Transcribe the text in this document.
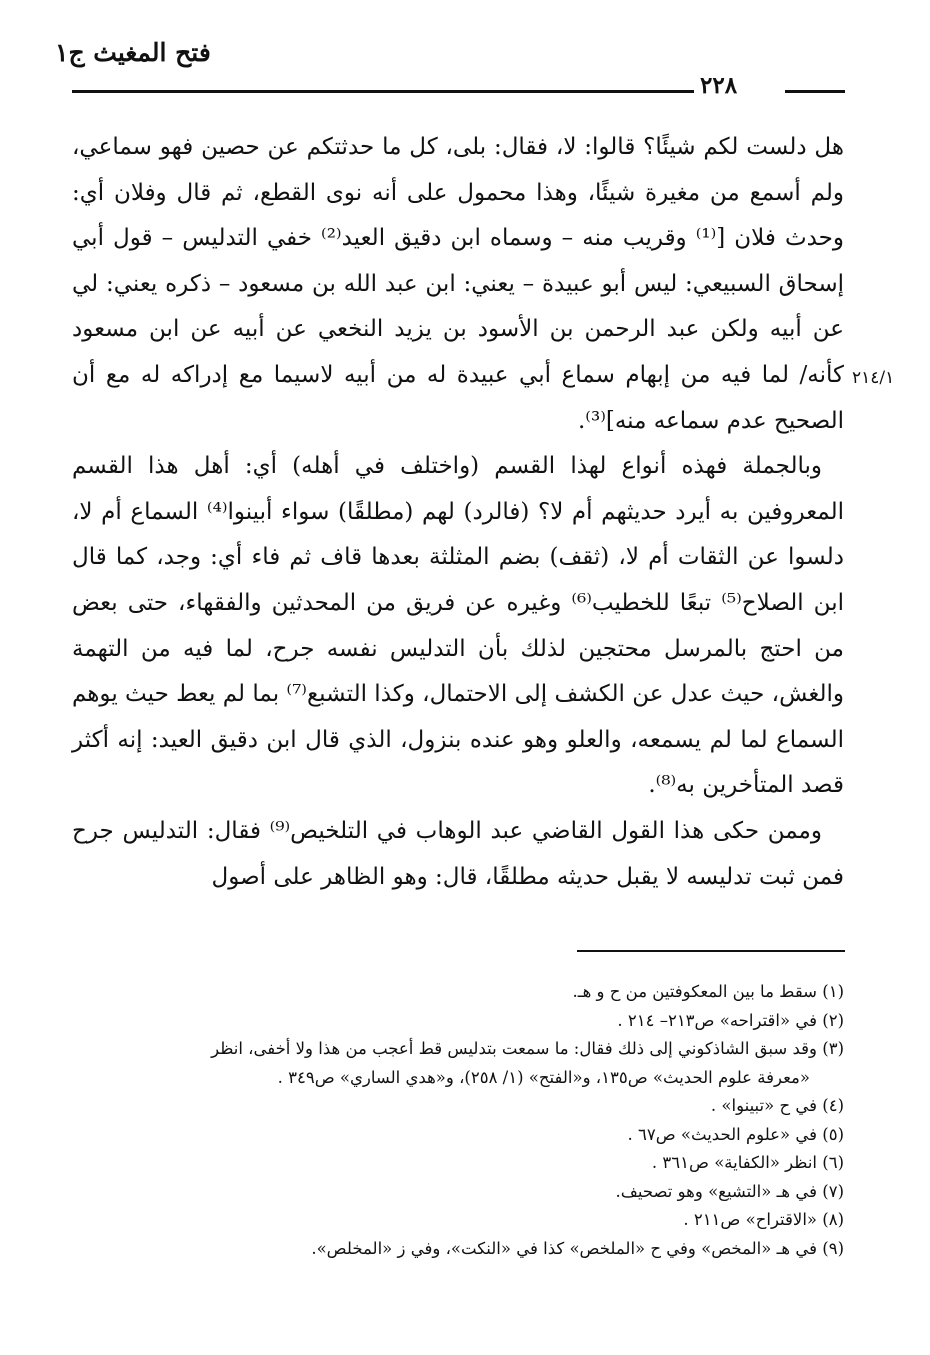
فتح المغيث ج١
٢٢٨
٢١٤/١

هل دلست لكم شيئًا؟ قالوا: لا، فقال: بلى، كل ما حدثتكم عن حصين فهو سماعي، ولم أسمع من مغيرة شيئًا، وهذا محمول على أنه نوى القطع، ثم قال وفلان أي: وحدث فلان [⁽¹⁾ وقريب منه – وسماه ابن دقيق العيد⁽²⁾ خفي التدليس – قول أبي إسحاق السبيعي: ليس أبو عبيدة – يعني: ابن عبد الله بن مسعود – ذكره يعني: لي عن أبيه ولكن عبد الرحمن بن الأسود بن يزيد النخعي عن أبيه عن ابن مسعود كأنه/ لما فيه من إبهام سماع أبي عبيدة له من أبيه لاسيما مع إدراكه له مع أن الصحيح عدم سماعه منه]⁽³⁾.

وبالجملة فهذه أنواع لهذا القسم (واختلف في أهله) أي: أهل هذا القسم المعروفين به أيرد حديثهم أم لا؟ (فالرد) لهم (مطلقًا) سواء أبينوا⁽⁴⁾ السماع أم لا، دلسوا عن الثقات أم لا، (ثقف) بضم المثلثة بعدها قاف ثم فاء أي: وجد، كما قال ابن الصلاح⁽⁵⁾ تبعًا للخطيب⁽⁶⁾ وغيره عن فريق من المحدثين والفقهاء، حتى بعض من احتج بالمرسل محتجين لذلك بأن التدليس نفسه جرح، لما فيه من التهمة والغش، حيث عدل عن الكشف إلى الاحتمال، وكذا التشبع⁽⁷⁾ بما لم يعط حيث يوهم السماع لما لم يسمعه، والعلو وهو عنده بنزول، الذي قال ابن دقيق العيد: إنه أكثر قصد المتأخرين به⁽⁸⁾.

وممن حكى هذا القول القاضي عبد الوهاب في التلخيص⁽⁹⁾ فقال: التدليس جرح فمن ثبت تدليسه لا يقبل حديثه مطلقًا، قال: وهو الظاهر على أصول

(١) سقط ما بين المعكوفتين من ح و هـ.

(٢) في «اقتراحه» ص٢١٣– ٢١٤ .

(٣) وقد سبق الشاذكوني إلى ذلك فقال: ما سمعت بتدليس قط أعجب من هذا ولا أخفى، انظر

«معرفة علوم الحديث» ص١٣٥، و«الفتح» (١/ ٢٥٨)، و«هدي الساري» ص٣٤٩ .

(٤) في ح «تبينوا» .

(٥) في «علوم الحديث» ص٦٧ .

(٦) انظر «الكفاية» ص٣٦١ .

(٧) في هـ «التشيع» وهو تصحيف.

(٨) «الاقتراح» ص٢١١ .

(٩) في هـ «المخص» وفي ح «الملخص» كذا في «النكت»، وفي ز «المخلص».
